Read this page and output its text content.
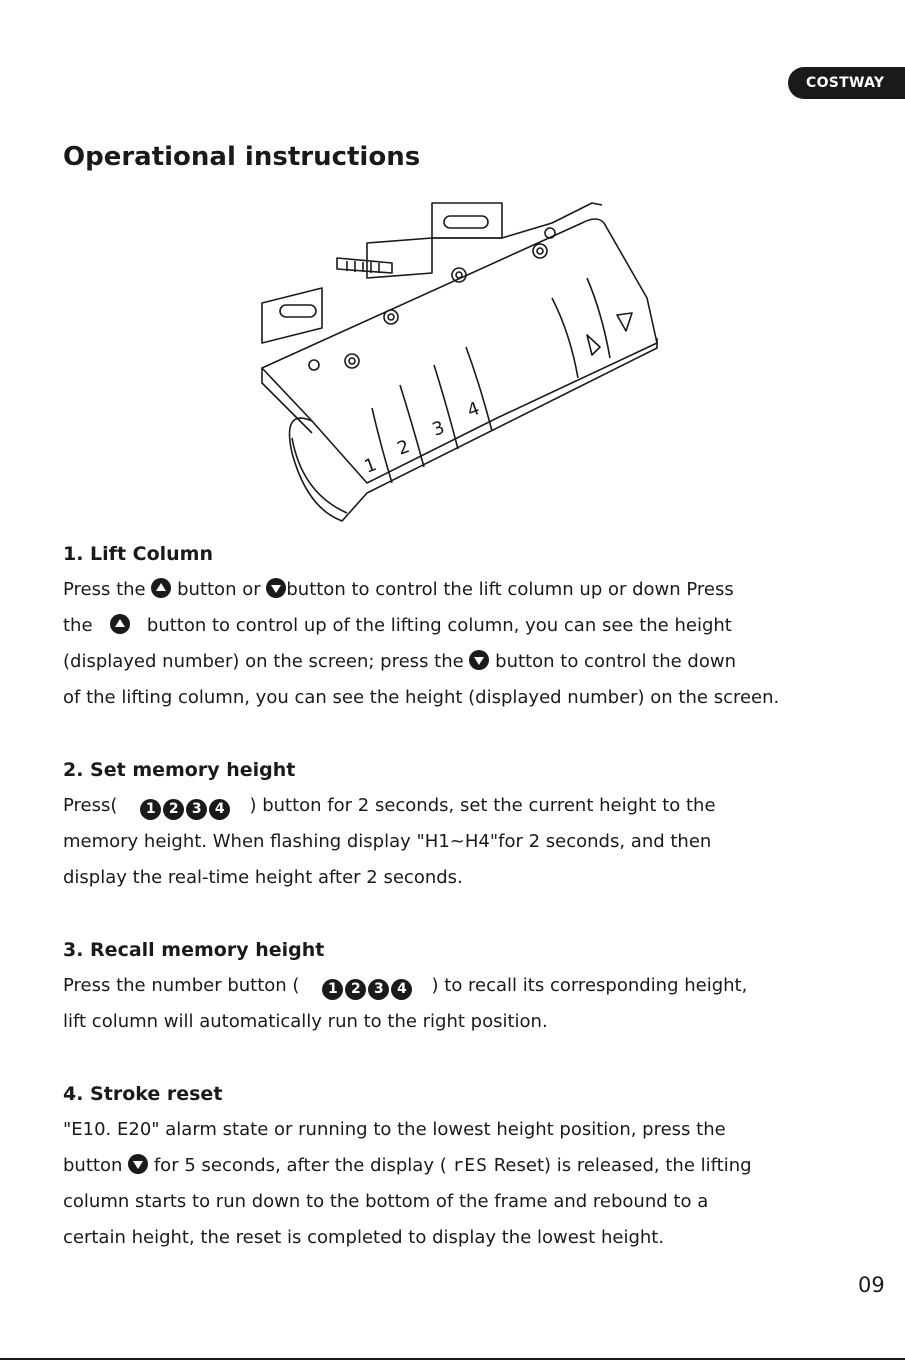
COSTWAY
Operational instructions
1
2
3
4
1. Lift Column

Press the button or button to control the lift column up or down Press
the	button to control up of the lifting column, you can see the height
(displayed number) on the screen; press the button to control the down
of the lifting column, you can see the height (displayed number) on the screen.

2. Set memory height

Press( 1 2 3 4 ) button for 2 seconds, set the current height to the
memory height. When flashing display "H1~H4"for 2 seconds, and then
display the real-time height after 2 seconds.

3. Recall memory height

Press the number button ( 1 2 3 4 ) to recall its corresponding height,
lift column will automatically run to the right position.

4. Stroke reset

"E10. E20" alarm state or running to the lowest height position, press the
button for 5 seconds, after the display ( rES Reset) is released, the lifting
column starts to run down to the bottom of the frame and rebound to a
certain height, the reset is completed to display the lowest height.

09
